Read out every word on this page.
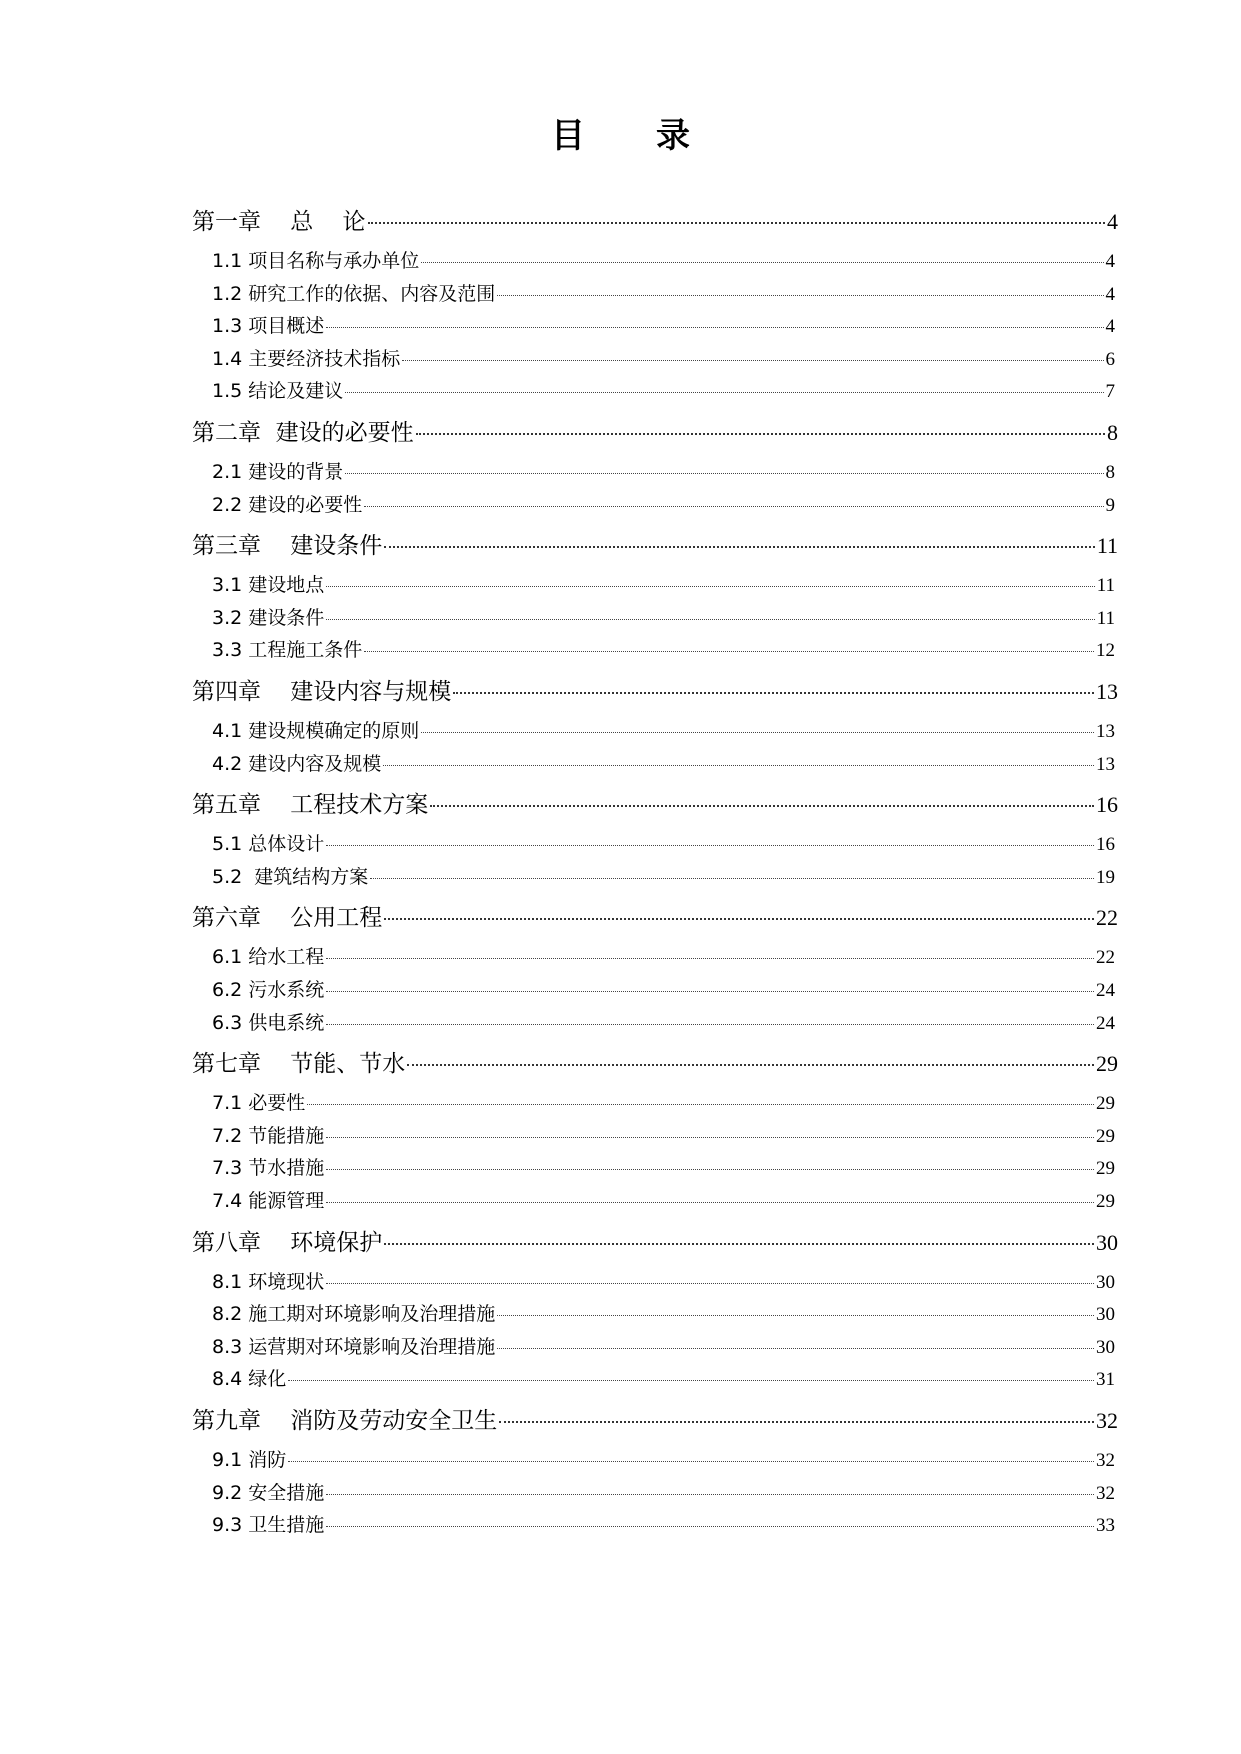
目      录
第一章    总    论	4
1.1 项目名称与承办单位	4
1.2 研究工作的依据、内容及范围	4
1.3 项目概述	4
1.4 主要经济技术指标	6
1.5 结论及建议	7
第二章  建设的必要性	8
2.1 建设的背景	8
2.2 建设的必要性	9
第三章    建设条件	11
3.1 建设地点	11
3.2 建设条件	11
3.3 工程施工条件	12
第四章    建设内容与规模	13
4.1 建设规模确定的原则	13
4.2 建设内容及规模	13
第五章    工程技术方案	16
5.1 总体设计	16
5.2  建筑结构方案	19
第六章    公用工程	22
6.1 给水工程	22
6.2 污水系统	24
6.3 供电系统	24
第七章    节能、节水	29
7.1 必要性	29
7.2 节能措施	29
7.3 节水措施	29
7.4 能源管理	29
第八章    环境保护	30
8.1 环境现状	30
8.2 施工期对环境影响及治理措施	30
8.3 运营期对环境影响及治理措施	30
8.4 绿化	31
第九章    消防及劳动安全卫生	32
9.1 消防	32
9.2 安全措施	32
9.3 卫生措施	33
